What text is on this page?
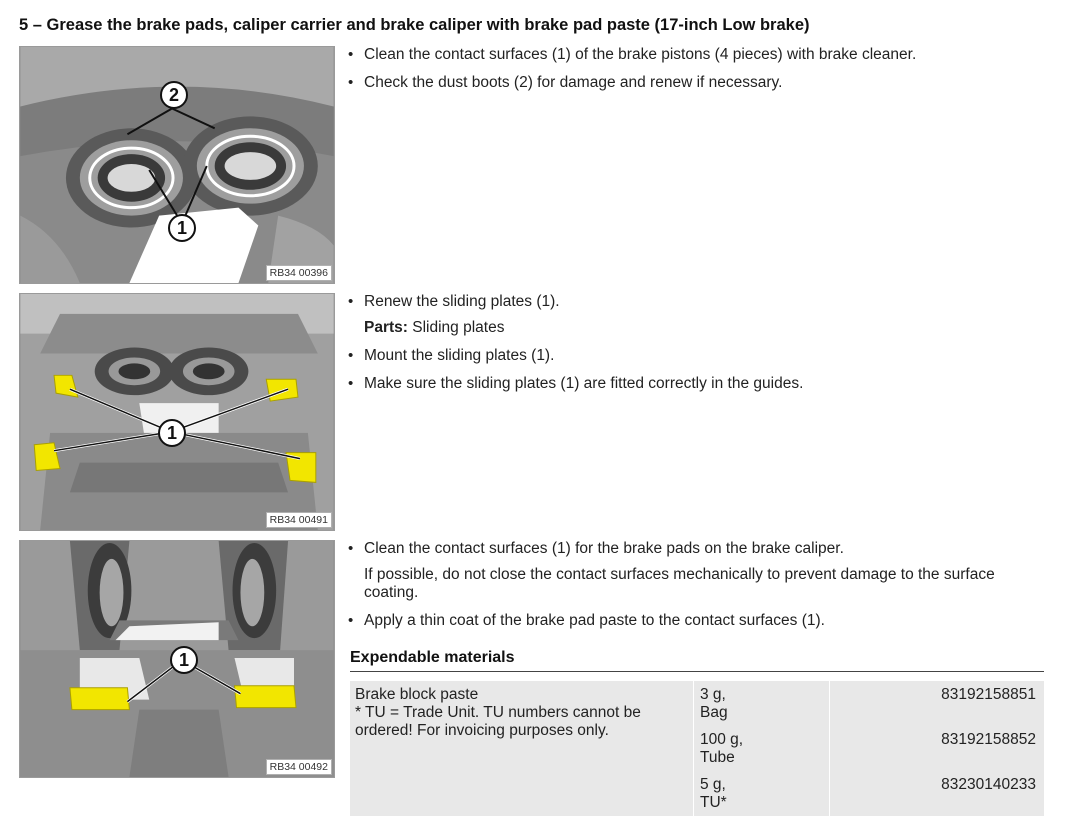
5 – Grease the brake pads, caliper carrier and brake caliper with brake pad paste (17-inch Low brake)
2
1
RB34 00396
1
RB34 00491
1
RB34 00492
• Clean the contact surfaces (1) of the brake pistons (4 pieces) with brake cleaner.
• Check the dust boots (2) for damage and renew if necessary.
• Renew the sliding plates (1).
Parts: Sliding plates
• Mount the sliding plates (1).
• Make sure the sliding plates (1) are fitted correctly in the guides.
• Clean the contact surfaces (1) for the brake pads on the brake caliper.
If possible, do not close the contact surfaces mechanically to prevent damage to the surface coating.
• Apply a thin coat of the brake pad paste to the contact surfaces (1).
Expendable materials
Brake block paste
* TU = Trade Unit. TU numbers cannot be ordered! For invoicing purposes only.
3 g,
Bag
100 g,
Tube
5 g,
TU*
83192158851
83192158852
83230140233
